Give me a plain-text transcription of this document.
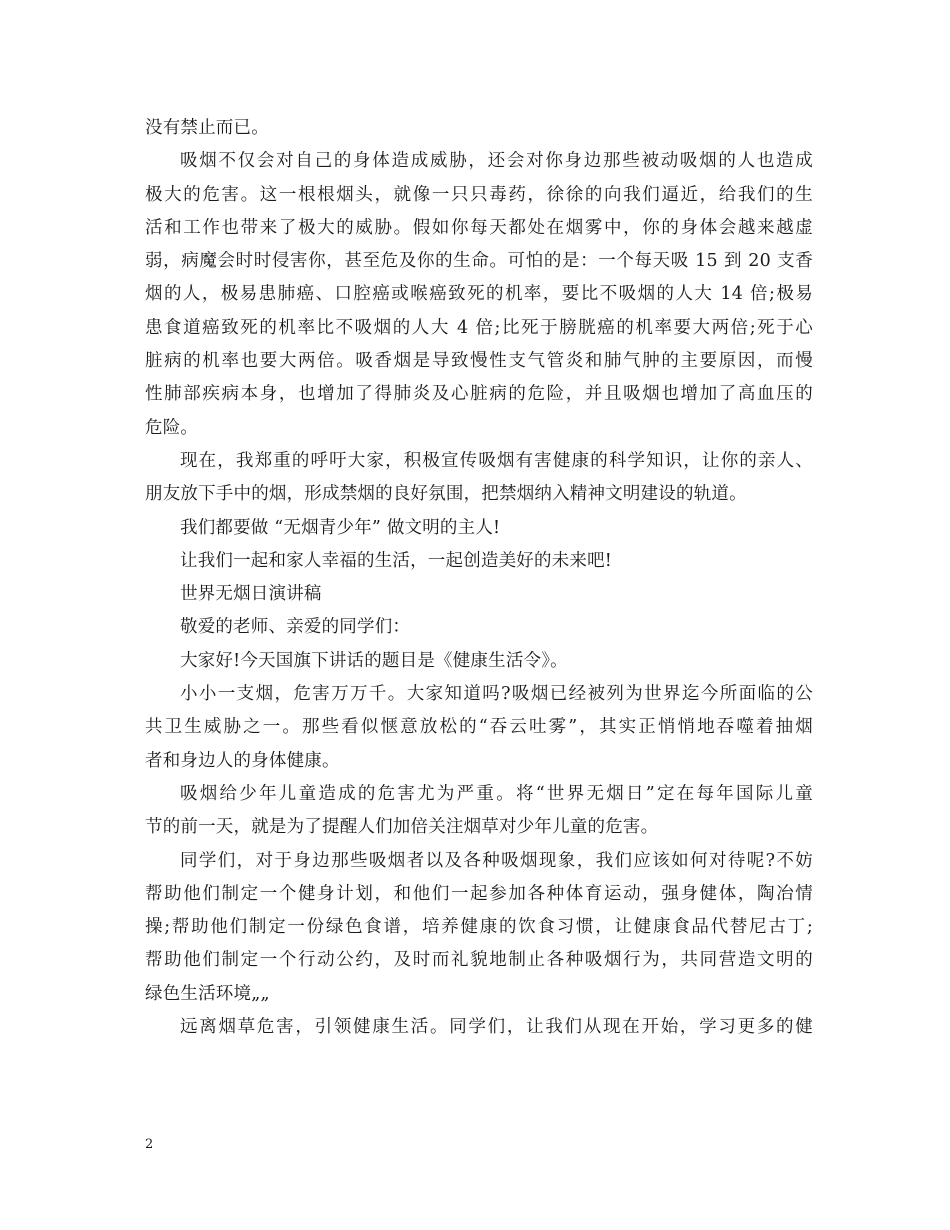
没有禁止而已。
吸烟不仅会对自己的身体造成威胁，还会对你身边那些被动吸烟的人也造成
极大的危害。这一根根烟头，就像一只只毒药，徐徐的向我们逼近，给我们的生
活和工作也带来了极大的威胁。假如你每天都处在烟雾中，你的身体会越来越虚
弱，病魔会时时侵害你，甚至危及你的生命。可怕的是：一个每天吸 15 到 20 支香
烟的人，极易患肺癌、口腔癌或喉癌致死的机率，要比不吸烟的人大 14 倍;极易
患食道癌致死的机率比不吸烟的人大 4 倍;比死于膀胱癌的机率要大两倍;死于心
脏病的机率也要大两倍。吸香烟是导致慢性支气管炎和肺气肿的主要原因，而慢
性肺部疾病本身，也增加了得肺炎及心脏病的危险，并且吸烟也增加了高血压的
危险。
现在，我郑重的呼吁大家，积极宣传吸烟有害健康的科学知识，让你的亲人、
朋友放下手中的烟，形成禁烟的良好氛围，把禁烟纳入精神文明建设的轨道。
我们都要做 “无烟青少年” 做文明的主人!
让我们一起和家人幸福的生活，一起创造美好的未来吧!
世界无烟日演讲稿
敬爱的老师、亲爱的同学们：
大家好!今天国旗下讲话的题目是《健康生活令》。
小小一支烟，危害万万千。大家知道吗?吸烟已经被列为世界迄今所面临的公
共卫生威胁之一。那些看似惬意放松的“吞云吐雾”，其实正悄悄地吞噬着抽烟
者和身边人的身体健康。
吸烟给少年儿童造成的危害尤为严重。将“世界无烟日”定在每年国际儿童
节的前一天，就是为了提醒人们加倍关注烟草对少年儿童的危害。
同学们，对于身边那些吸烟者以及各种吸烟现象，我们应该如何对待呢?不妨
帮助他们制定一个健身计划，和他们一起参加各种体育运动，强身健体，陶冶情
操;帮助他们制定一份绿色食谱，培养健康的饮食习惯，让健康食品代替尼古丁;
帮助他们制定一个行动公约，及时而礼貌地制止各种吸烟行为，共同营造文明的
绿色生活环境„„
远离烟草危害，引领健康生活。同学们，让我们从现在开始，学习更多的健
2
